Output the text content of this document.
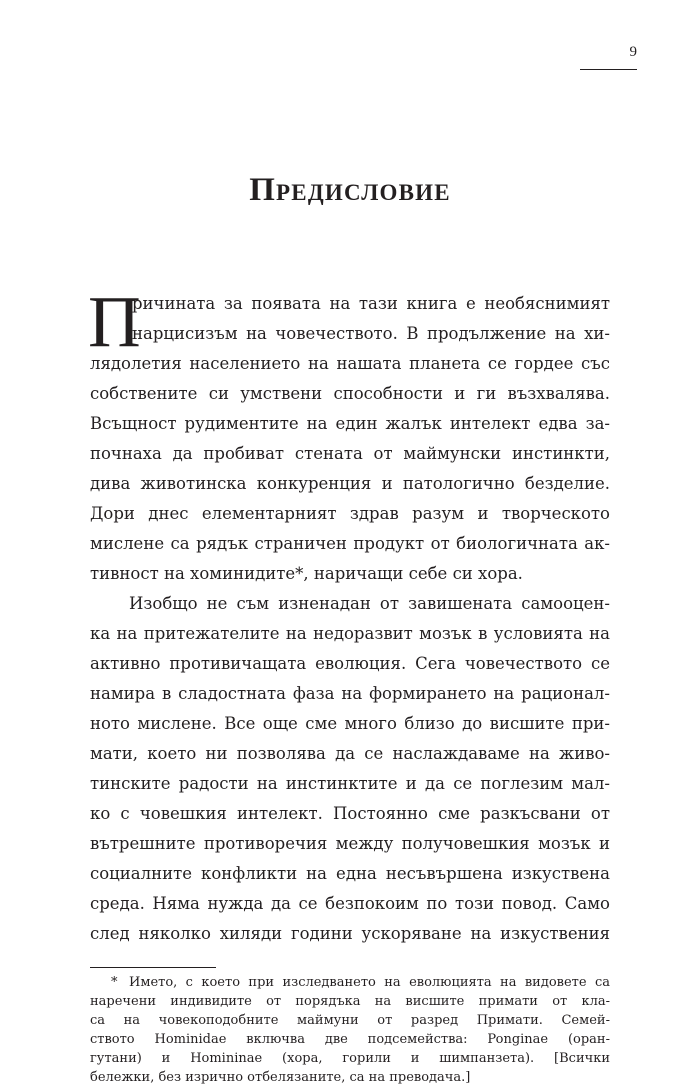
9
Предисловие
П
ричината за появата на тази книга е необяснимият
нарцисизъм на човечеството. В продължение на хи-
лядолетия населението на нашата планета се гордее със
собствените си умствени способности и ги възхвалява.
Всъщност рудиментите на един жалък интелект едва за-
почнаха да пробиват стената от маймунски инстинкти,
дива животинска конкуренция и патологично безделие.
Дори днес елементарният здрав разум и творческото
мислене са рядък страничен продукт от биологичната ак-
тивност на хоминидите*, наричащи себе си хора.
Изобщо не съм изненадан от завишената самооцен-
ка на притежателите на недоразвит мозък в условията на
активно противичащата еволюция. Сега човечеството се
намира в сладостната фаза на формирането на рационал-
ното мислене. Все още сме много близо до висшите при-
мати, което ни позволява да се наслаждаваме на живо-
тинските радости на инстинктите и да се поглезим мал-
ко с човешкия интелект. Постоянно сме разкъсвани от
вътрешните противоречия между получовешкия мозък и
социалните конфликти на една несъвършена изкуствена
среда. Няма нужда да се безпокоим по този повод. Само
след няколко хиляди години ускоряване на изкуствения
* Името, с което при изследването на еволюцията на видовете са
наречени индивидите от порядъка на висшите примати от кла-
са на човекоподобните маймуни от разред Примати. Семей-
ството Hominidae включва две подсемейства: Ponginae (оран-
гутани) и Homininae (хора, горили и шимпанзета). [Всички
бележки, без изрично отбелязаните, са на преводача.]
